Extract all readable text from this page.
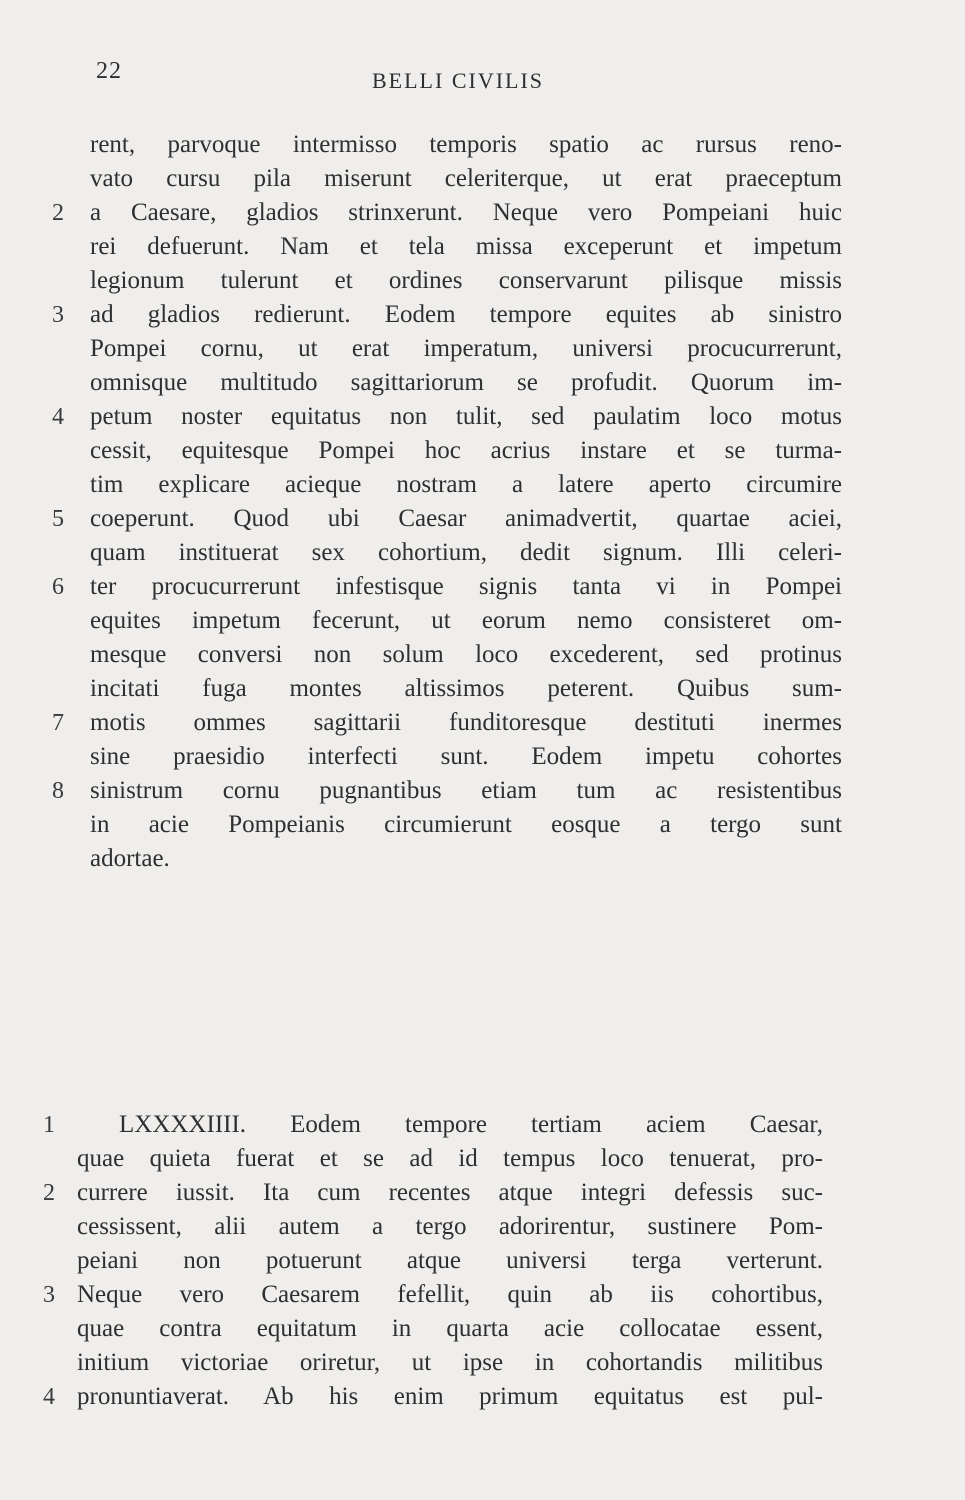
22	BELLI CIVILIS
rent, parvoque intermisso temporis spatio ac rursus reno-
vato cursu pila miserunt celeriterque, ut erat praeceptum
2 a Caesare, gladios strinxerunt. Neque vero Pompeiani huic
rei defuerunt. Nam et tela missa exceperunt et impetum
legionum tulerunt et ordines conservarunt pilisque missis
3 ad gladios redierunt. Eodem tempore equites ab sinistro
Pompei cornu, ut erat imperatum, universi procucurrerunt,
omnisque multitudo sagittariorum se profudit. Quorum im-
4 petum noster equitatus non tulit, sed paulatim loco motus
cessit, equitesque Pompei hoc acrius instare et se turma-
tim explicare acieque nostram a latere aperto circumire
5 coeperunt. Quod ubi Caesar animadvertit, quartae aciei,
quam instituerat sex cohortium, dedit signum. Illi celeri-
6 ter procucurrerunt infestisque signis tanta vi in Pompei
equites impetum fecerunt, ut eorum nemo consisteret om-
mesque conversi non solum loco excederent, sed protinus
incitati fuga montes altissimos peterent. Quibus sum-
7 motis ommes sagittarii funditoresque destituti inermes
sine praesidio interfecti sunt. Eodem impetu cohortes
8 sinistrum cornu pugnantibus etiam tum ac resistentibus
in acie Pompeianis circumierunt eosque a tergo sunt
adortae.
1	LXXXXIIII. Eodem tempore tertiam aciem Caesar,
quae quieta fuerat et se ad id tempus loco tenuerat, pro-
2 currere iussit. Ita cum recentes atque integri defessis suc-
cessissent, alii autem a tergo adorirentur, sustinere Pom-
peiani non potuerunt atque universi terga verterunt.
3 Neque vero Caesarem fefellit, quin ab iis cohortibus,
quae contra equitatum in quarta acie collocatae essent,
initium victoriae oriretur, ut ipse in cohortandis militibus
4 pronuntiaverat. Ab his enim primum equitatus est pul-
